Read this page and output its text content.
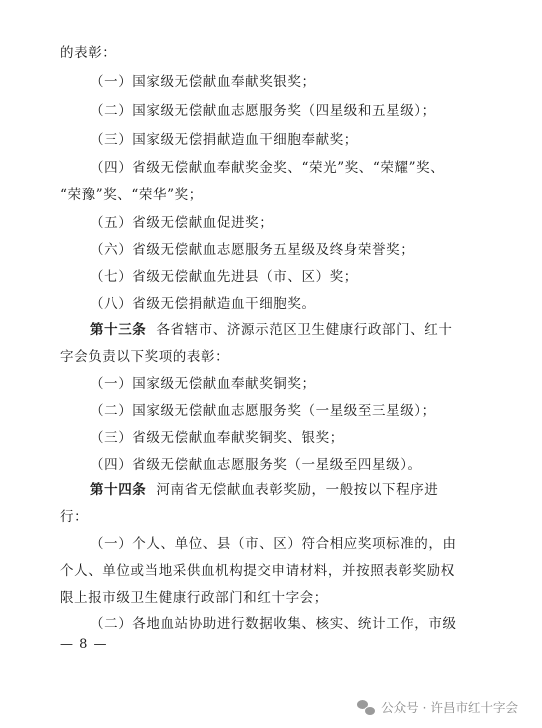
的表彰：
（一）国家级无偿献血奉献奖银奖；
（二）国家级无偿献血志愿服务奖（四星级和五星级）；
（三）国家级无偿捐献造血干细胞奉献奖；
（四）省级无偿献血奉献奖金奖、“荣光”奖、“荣耀”奖、
“荣豫”奖、“荣华”奖；
（五）省级无偿献血促进奖；
（六）省级无偿献血志愿服务五星级及终身荣誉奖；
（七）省级无偿献血先进县（市、区）奖；
（八）省级无偿捐献造血干细胞奖。
第十三条 各省辖市、济源示范区卫生健康行政部门、红十
字会负责以下奖项的表彰：
（一）国家级无偿献血奉献奖铜奖；
（二）国家级无偿献血志愿服务奖（一星级至三星级）；
（三）省级无偿献血奉献奖铜奖、银奖；
（四）省级无偿献血志愿服务奖（一星级至四星级）。
第十四条 河南省无偿献血表彰奖励，一般按以下程序进
行：
（一）个人、单位、县（市、区）符合相应奖项标准的，由
个人、单位或当地采供血机构提交申请材料，并按照表彰奖励权
限上报市级卫生健康行政部门和红十字会；
（二）各地血站协助进行数据收集、核实、统计工作，市级
— 8 —
公众号 · 许昌市红十字会
